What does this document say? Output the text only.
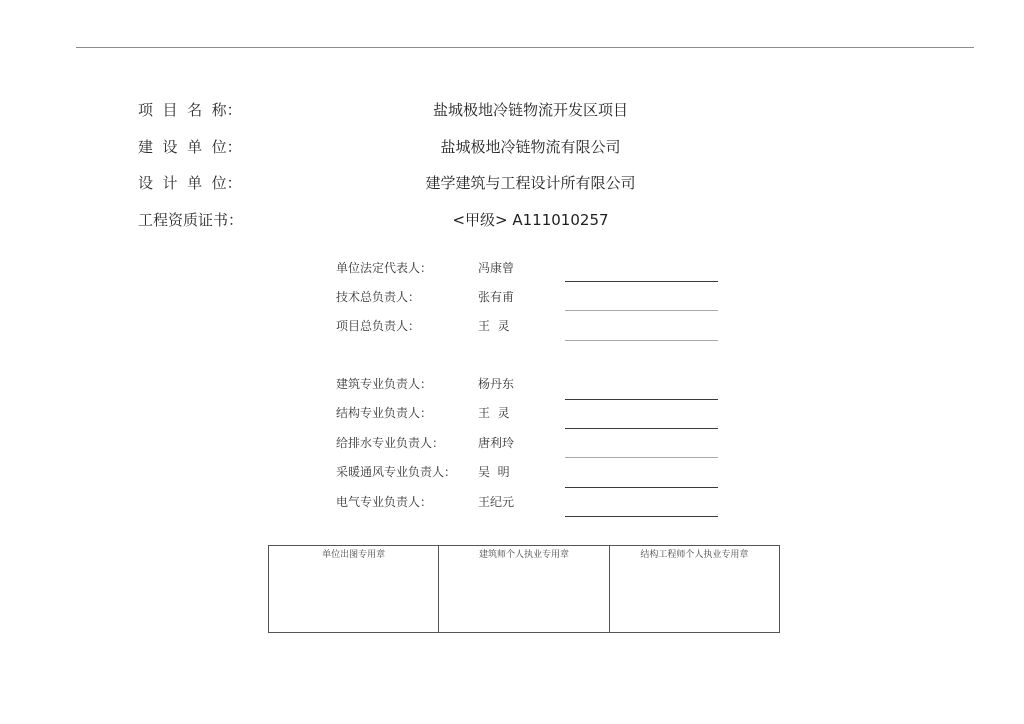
项  目  名  称：	盐城极地冷链物流开发区项目
建  设  单  位：	盐城极地冷链物流有限公司
设  计  单  位：	建学建筑与工程设计所有限公司
工程资质证书：	<甲级> A111010257
单位法定代表人：	冯康曾
技术总负责人：	张有甫
项目总负责人：	王  灵
建筑专业负责人：	杨丹东
结构专业负责人：	王  灵
给排水专业负责人：	唐利玲
采暖通风专业负责人： 吴  明
电气专业负责人：	王纪元
单位出图专用章	建筑师个人执业专用章	结构工程师个人执业专用章
